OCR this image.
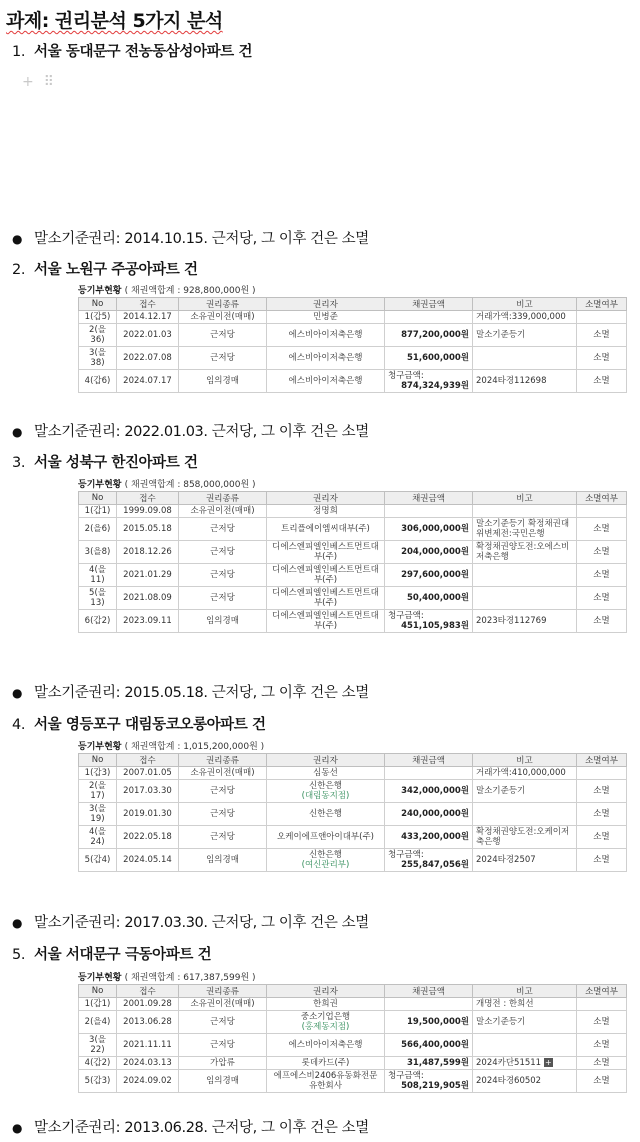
과제: 권리분석 5가지 분석
1. 서울 동대문구 전농동삼성아파트 건
+ ⠿
● 말소기준권리: 2014.10.15. 근저당, 그 이후 건은 소멸
2. 서울 노원구 주공아파트 건
등기부현황 ( 채권액합계 : 928,800,000원 )
No	접수	권리종류	권리자	채권금액	비고	소멸여부
1(갑5)	2014.12.17	소유권이전(매매)	민병준		거래가액:339,000,000	
2(을36)	2022.01.03	근저당	에스비아이저축은행	877,200,000원	말소기준등기	소멸
3(을38)	2022.07.08	근저당	에스비아이저축은행	51,600,000원		소멸
4(갑6)	2024.07.17	임의경매	에스비아이저축은행	청구금액:
874,324,939원	2024타경112698	소멸
● 말소기준권리: 2022.01.03. 근저당, 그 이후 건은 소멸
3. 서울 성북구 한진아파트 건
등기부현황 ( 채권액합계 : 858,000,000원 )
No	접수	권리종류	권리자	채권금액	비고	소멸여부
1(갑1)	1999.09.08	소유권이전(매매)	정명희			
2(을6)	2015.05.18	근저당	트리플에이엠씨대부(주)	306,000,000원	말소기준등기 확정채권대위변제전:국민은행	소멸
3(을8)	2018.12.26	근저당	디에스엔피엘인베스트먼트대부(주)	204,000,000원	확정채권양도전:오에스비저축은행	소멸
4(을11)	2021.01.29	근저당	디에스엔피엘인베스트먼트대부(주)	297,600,000원		소멸
5(을13)	2021.08.09	근저당	디에스엔피엘인베스트먼트대부(주)	50,400,000원		소멸
6(갑2)	2023.09.11	임의경매	디에스엔피엘인베스트먼트대부(주)	청구금액:
451,105,983원	2023타경112769	소멸
● 말소기준권리: 2015.05.18. 근저당, 그 이후 건은 소멸
4. 서울 영등포구 대림동코오롱아파트 건
등기부현황 ( 채권액합계 : 1,015,200,000원 )
No	접수	권리종류	권리자	채권금액	비고	소멸여부
1(갑3)	2007.01.05	소유권이전(매매)	심동선		거래가액:410,000,000	
2(을17)	2017.03.30	근저당	신한은행
(대림동지점)	342,000,000원	말소기준등기	소멸
3(을19)	2019.01.30	근저당	신한은행	240,000,000원		소멸
4(을24)	2022.05.18	근저당	오케이에프앤아이대부(주)	433,200,000원	확정채권양도전:오케이저축은행	소멸
5(갑4)	2024.05.14	임의경매	신한은행
(여신관리부)	청구금액:
255,847,056원	2024타경2507	소멸
● 말소기준권리: 2017.03.30. 근저당, 그 이후 건은 소멸
5. 서울 서대문구 극동아파트 건
등기부현황 ( 채권액합계 : 617,387,599원 )
No	접수	권리종류	권리자	채권금액	비고	소멸여부
1(갑1)	2001.09.28	소유권이전(매매)	한희권		개명전 : 한희선	
2(을4)	2013.06.28	근저당	중소기업은행
(홍제동지점)	19,500,000원	말소기준등기	소멸
3(을22)	2021.11.11	근저당	에스비아이저축은행	566,400,000원		소멸
4(갑2)	2024.03.13	가압류	롯데카드(주)	31,487,599원	2024카단51511 +	소멸
5(갑3)	2024.09.02	임의경매	에프에스비2406유동화전문유한회사	청구금액:
508,219,905원	2024타경60502	소멸
● 말소기준권리: 2013.06.28. 근저당, 그 이후 건은 소멸
